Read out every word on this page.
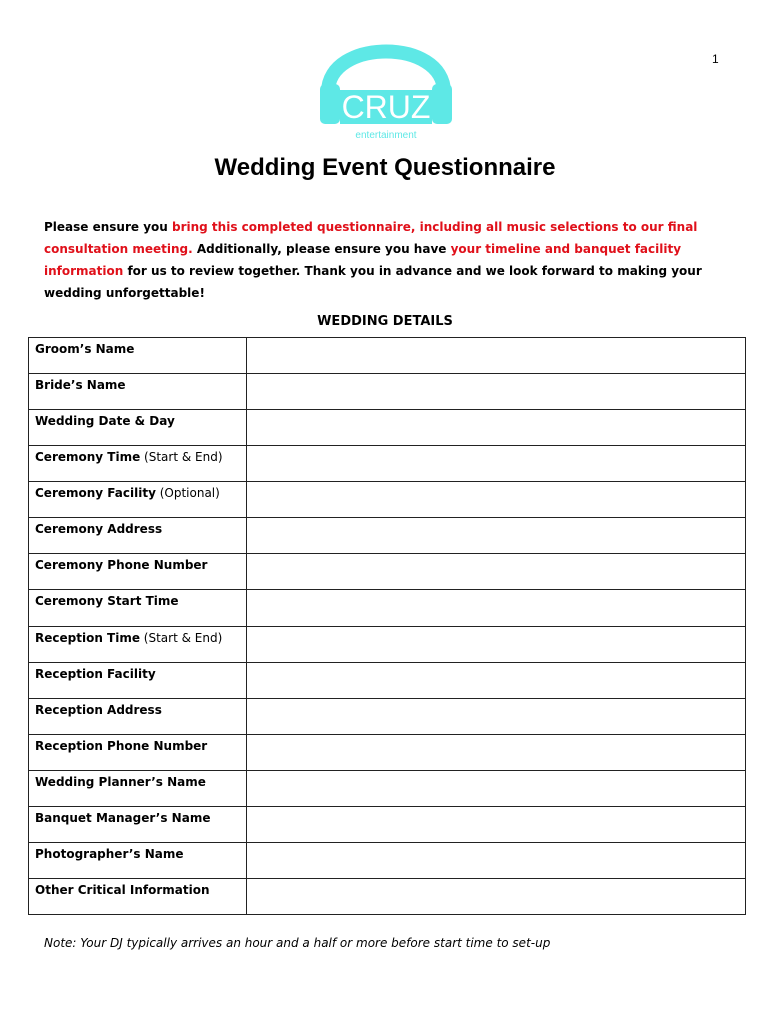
1
CRUZ
entertainment
Wedding Event Questionnaire
Please ensure you bring this completed questionnaire, including all music selections to our final consultation meeting. Additionally, please ensure you have your timeline and banquet facility information for us to review together. Thank you in advance and we look forward to making your wedding unforgettable!
WEDDING DETAILS
Groom’s Name	
Bride’s Name	
Wedding Date & Day	
Ceremony Time (Start & End)	
Ceremony Facility (Optional)	
Ceremony Address	
Ceremony Phone Number	
Ceremony Start Time	
Reception Time (Start & End)	
Reception Facility	
Reception Address	
Reception Phone Number	
Wedding Planner’s Name	
Banquet Manager’s Name	
Photographer’s Name	
Other Critical Information	
Note: Your DJ typically arrives an hour and a half or more before start time to set-up
